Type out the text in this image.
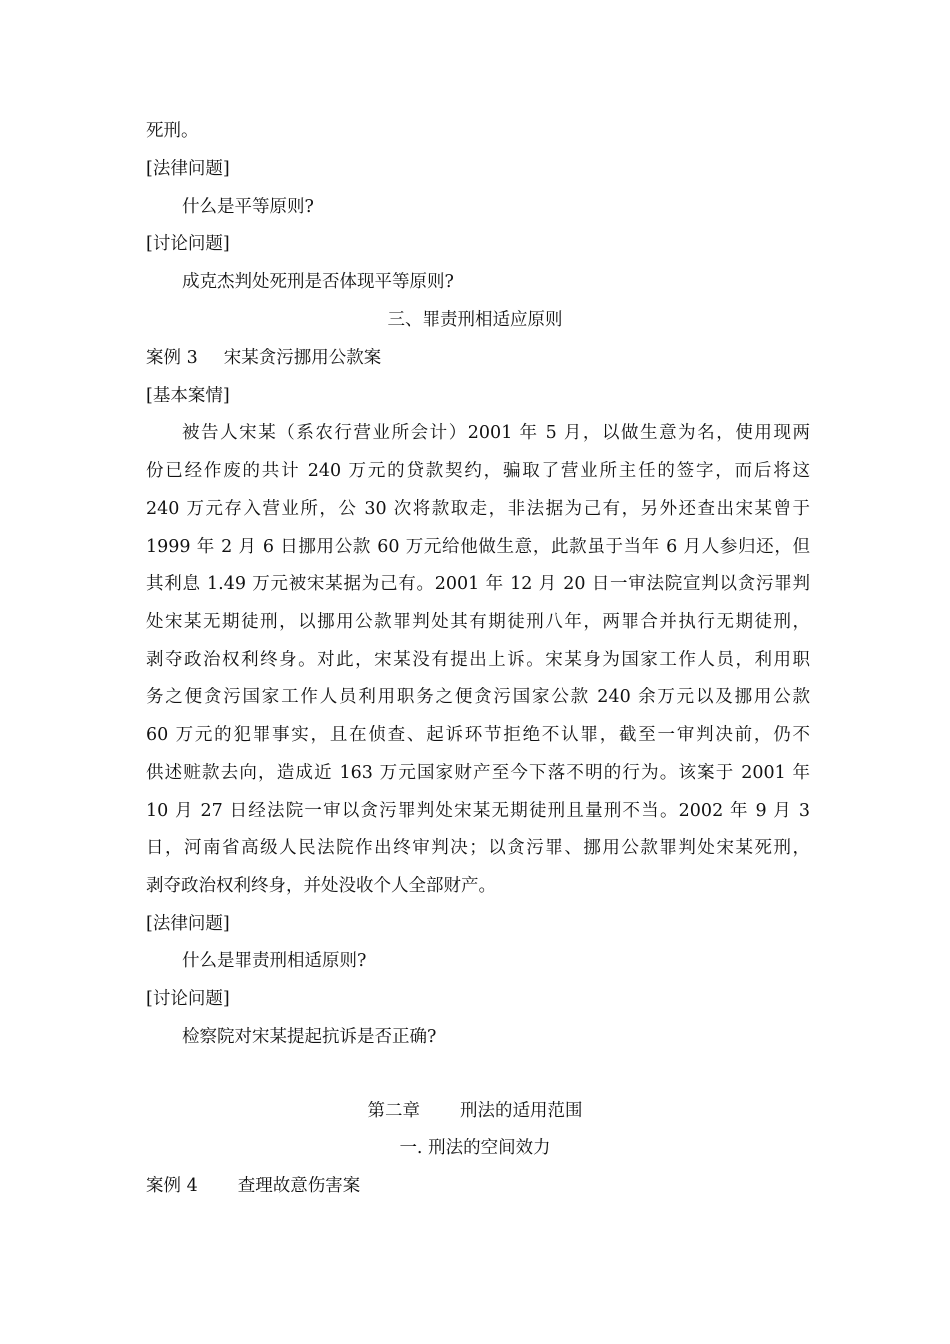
死刑。
[法律问题]
什么是平等原则?
[讨论问题]
成克杰判处死刑是否体现平等原则?
三、罪责刑相适应原则
案例 3 宋某贪污挪用公款案
[基本案情]
被告人宋某（系农行营业所会计）2001 年 5 月，以做生意为名，使用现两
份已经作废的共计 240 万元的贷款契约，骗取了营业所主任的签字，而后将这
240 万元存入营业所，公 30 次将款取走，非法据为己有，另外还查出宋某曾于
1999 年 2 月 6 日挪用公款 60 万元给他做生意，此款虽于当年 6 月人参归还，但
其利息 1.49 万元被宋某据为己有。2001 年 12 月 20 日一审法院宣判以贪污罪判
处宋某无期徒刑，以挪用公款罪判处其有期徒刑八年，两罪合并执行无期徒刑，
剥夺政治权利终身。对此，宋某没有提出上诉。宋某身为国家工作人员，利用职
务之便贪污国家工作人员利用职务之便贪污国家公款 240 余万元以及挪用公款
60 万元的犯罪事实，且在侦查、起诉环节拒绝不认罪，截至一审判决前，仍不
供述赃款去向，造成近 163 万元国家财产至今下落不明的行为。该案于 2001 年
10 月 27 日经法院一审以贪污罪判处宋某无期徒刑且量刑不当。2002 年 9 月 3
日，河南省高级人民法院作出终审判决；以贪污罪、挪用公款罪判处宋某死刑，
剥夺政治权利终身，并处没收个人全部财产。
[法律问题]
什么是罪责刑相适原则?
[讨论问题]
检察院对宋某提起抗诉是否正确?
第二章 刑法的适用范围
一. 刑法的空间效力
案例 4 查理故意伤害案
